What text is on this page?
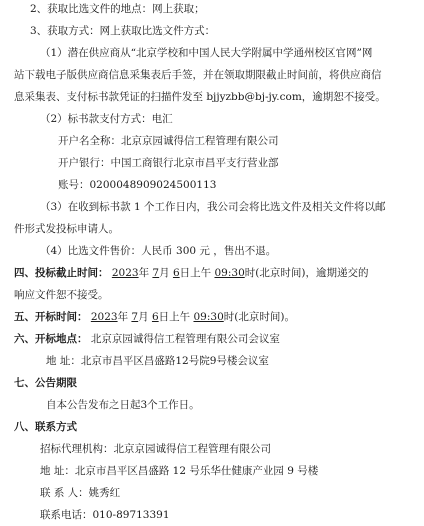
2、获取比选文件的地点：网上获取；
3、获取方式：网上获取比选文件方式：
（1）潜在供应商从“北京学校和中国人民大学附属中学通州校区官网”网
站下载电子版供应商信息采集表后手签，并在领取期限截止时间前，将供应商信
息采集表、支付标书款凭证的扫描件发至 bjjyzbb@bj-jy.com，逾期恕不接受。
（2）标书款支付方式：电汇
开户名全称：北京京园诚得信工程管理有限公司
开户银行：中国工商银行北京市昌平支行营业部
账号：0200048909024500113
（3）在收到标书款 1 个工作日内，我公司会将比选文件及相关文件将以邮
件形式发投标申请人。
（4）比选文件售价：人民币 300 元 ，售出不退。
四、投标截止时间： 2023年 7月 6日上午 09:30时(北京时间)，逾期递交的
响应文件恕不接受。
五、开标时间： 2023年 7月 6日上午 09:30时(北京时间)。
六、开标地点： 北京京园诚得信工程管理有限公司会议室
地 址：北京市昌平区昌盛路12号院9号楼会议室
七、公告期限
自本公告发布之日起3个工作日。
八、联系方式
招标代理机构：北京京园诚得信工程管理有限公司
地 址：北京市昌平区昌盛路 12 号乐华仕健康产业园 9 号楼
联 系 人：姚秀红
联系电话：010-89713391
